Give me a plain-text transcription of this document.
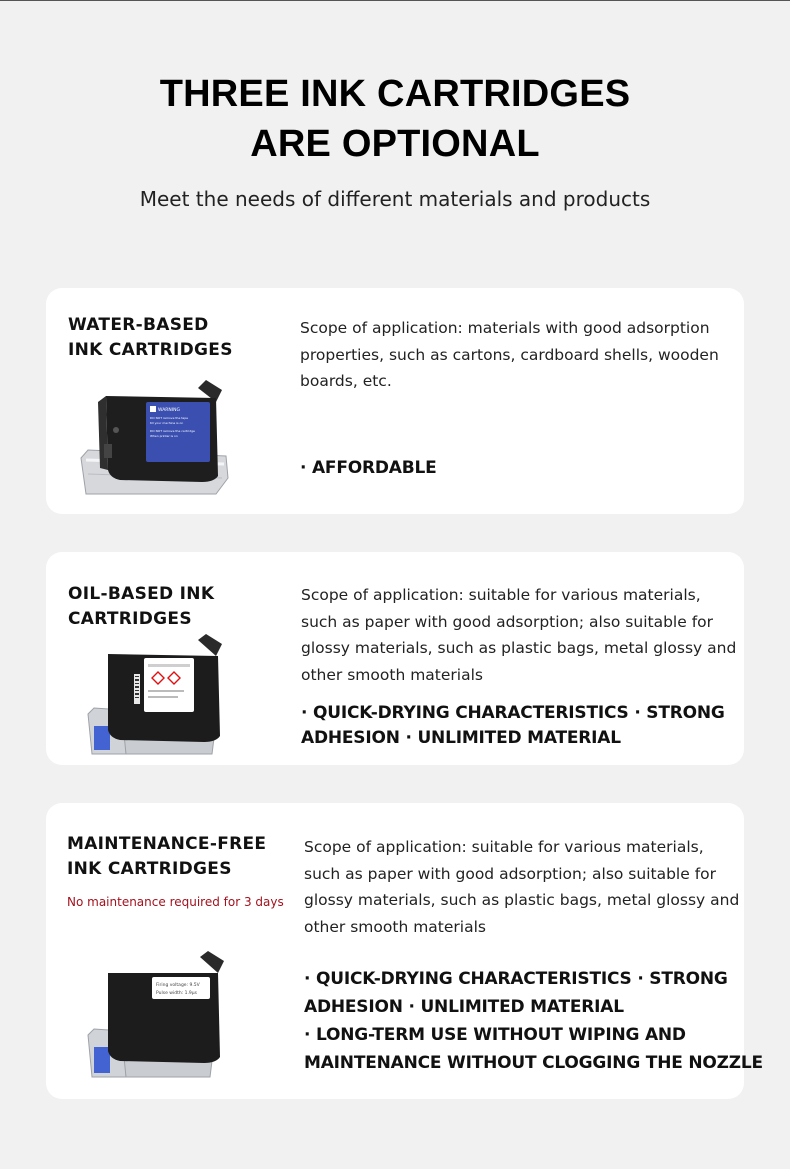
THREE INK CARTRIDGES
ARE OPTIONAL
Meet the needs of different materials and products
WATER-BASED
INK CARTRIDGES
WARNING
DO NOT remove the tape
till your machine is on
DO NOT remove the cartridge
When printer is on
Scope of application: materials with good adsorption properties, such as cartons, cardboard shells, wooden boards, etc.
· AFFORDABLE
OIL-BASED INK
CARTRIDGES
Scope of application: suitable for various materials, such as paper with good adsorption; also suitable for glossy materials, such as plastic bags, metal glossy and other smooth materials
· QUICK-DRYING CHARACTERISTICS · STRONG
ADHESION · UNLIMITED MATERIAL
MAINTENANCE-FREE
INK CARTRIDGES
No maintenance required for 3 days
Firing voltage: 9.5V
Pulse width: 1.9μs
Scope of application: suitable for various materials, such as paper with good adsorption; also suitable for glossy materials, such as plastic bags, metal glossy and other smooth materials
· QUICK-DRYING CHARACTERISTICS · STRONG
ADHESION · UNLIMITED MATERIAL
· LONG-TERM USE WITHOUT WIPING AND
MAINTENANCE WITHOUT CLOGGING THE NOZZLE
